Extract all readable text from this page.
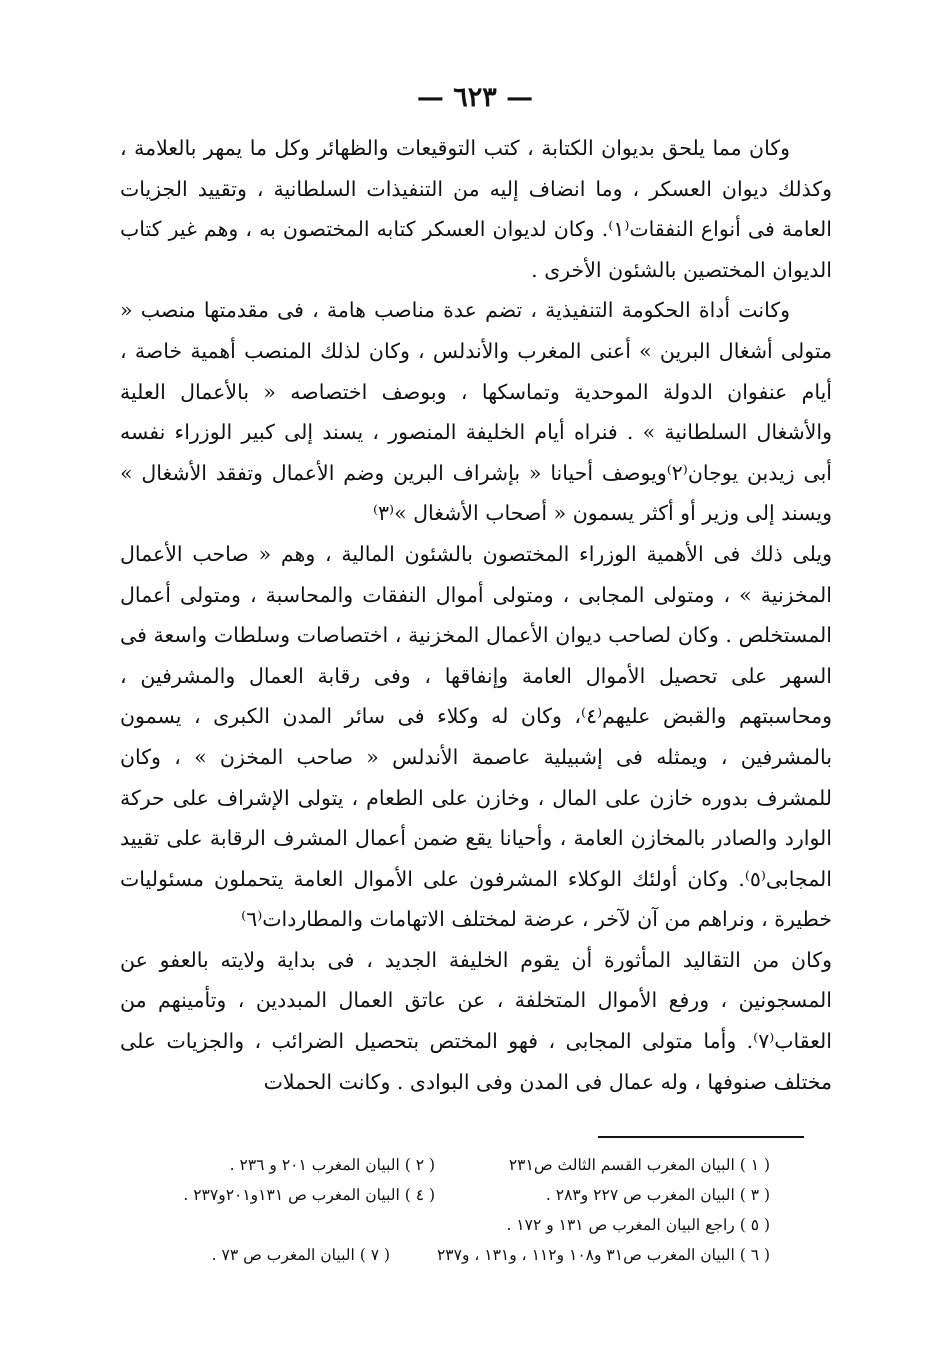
— ٦٢٣ —

وكان مما يلحق بديوان الكتابة ، كتب التوقيعات والظهائر وكل ما يمهر بالعلامة ، وكذلك ديوان العسكر ، وما انضاف إليه من التنفيذات السلطانية ، وتقييد الجزيات العامة فى أنواع النفقات⁽١⁾. وكان لديوان العسكر كتابه المختصون به ، وهم غير كتاب الديوان المختصين بالشئون الأخرى .

وكانت أداة الحكومة التنفيذية ، تضم عدة مناصب هامة ، فى مقدمتها منصب « متولى أشغال البرين » أعنى المغرب والأندلس ، وكان لذلك المنصب أهمية خاصة ، أيام عنفوان الدولة الموحدية وتماسكها ، وبوصف اختصاصه « بالأعمال العلية والأشغال السلطانية » . فنراه أيام الخليفة المنصور ، يسند إلى كبير الوزراء نفسه أبى زيدبن يوجان⁽٢⁾ويوصف أحيانا « بإشراف البرين وضم الأعمال وتفقد الأشغال » ويسند إلى وزير أو أكثر يسمون « أصحاب الأشغال »⁽٣⁾

ويلى ذلك فى الأهمية الوزراء المختصون بالشئون المالية ، وهم « صاحب الأعمال المخزنية » ، ومتولى المجابى ، ومتولى أموال النفقات والمحاسبة ، ومتولى أعمال المستخلص . وكان لصاحب ديوان الأعمال المخزنية ، اختصاصات وسلطات واسعة فى السهر على تحصيل الأموال العامة وإنفاقها ، وفى رقابة العمال والمشرفين ، ومحاسبتهم والقبض عليهم⁽٤⁾، وكان له وكلاء فى سائر المدن الكبرى ، يسمون بالمشرفين ، ويمثله فى إشبيلية عاصمة الأندلس « صاحب المخزن » ، وكان للمشرف بدوره خازن على المال ، وخازن على الطعام ، يتولى الإشراف على حركة الوارد والصادر بالمخازن العامة ، وأحيانا يقع ضمن أعمال المشرف الرقابة على تقييد المجابى⁽٥⁾. وكان أولئك الوكلاء المشرفون على الأموال العامة يتحملون مسئوليات خطيرة ، ونراهم من آن لآخر ، عرضة لمختلف الاتهامات والمطاردات⁽٦⁾

وكان من التقاليد المأثورة أن يقوم الخليفة الجديد ، فى بداية ولايته بالعفو عن المسجونين ، ورفع الأموال المتخلفة ، عن عاتق العمال المبددين ، وتأمينهم من العقاب⁽٧⁾. وأما متولى المجابى ، فهو المختص بتحصيل الضرائب ، والجزيات على مختلف صنوفها ، وله عمال فى المدن وفى البوادى . وكانت الحملات

( ١ ) البيان المغرب القسم الثالث ص٢٣١
( ٢ ) البيان المغرب ٢٠١ و ٢٣٦ .
( ٣ ) البيان المغرب ص ٢٢٧ و٢٨٣ .
( ٤ ) البيان المغرب ص ١٣١و٢٠١و٢٣٧ .
( ٥ ) راجع البيان المغرب ص ١٣١ و ١٧٢ .
( ٦ ) البيان المغرب ص٣١ و١٠٨ و١١٢ ، و١٣١ ، و٢٣٧
( ٧ ) البيان المغرب ص ٧٣ .
